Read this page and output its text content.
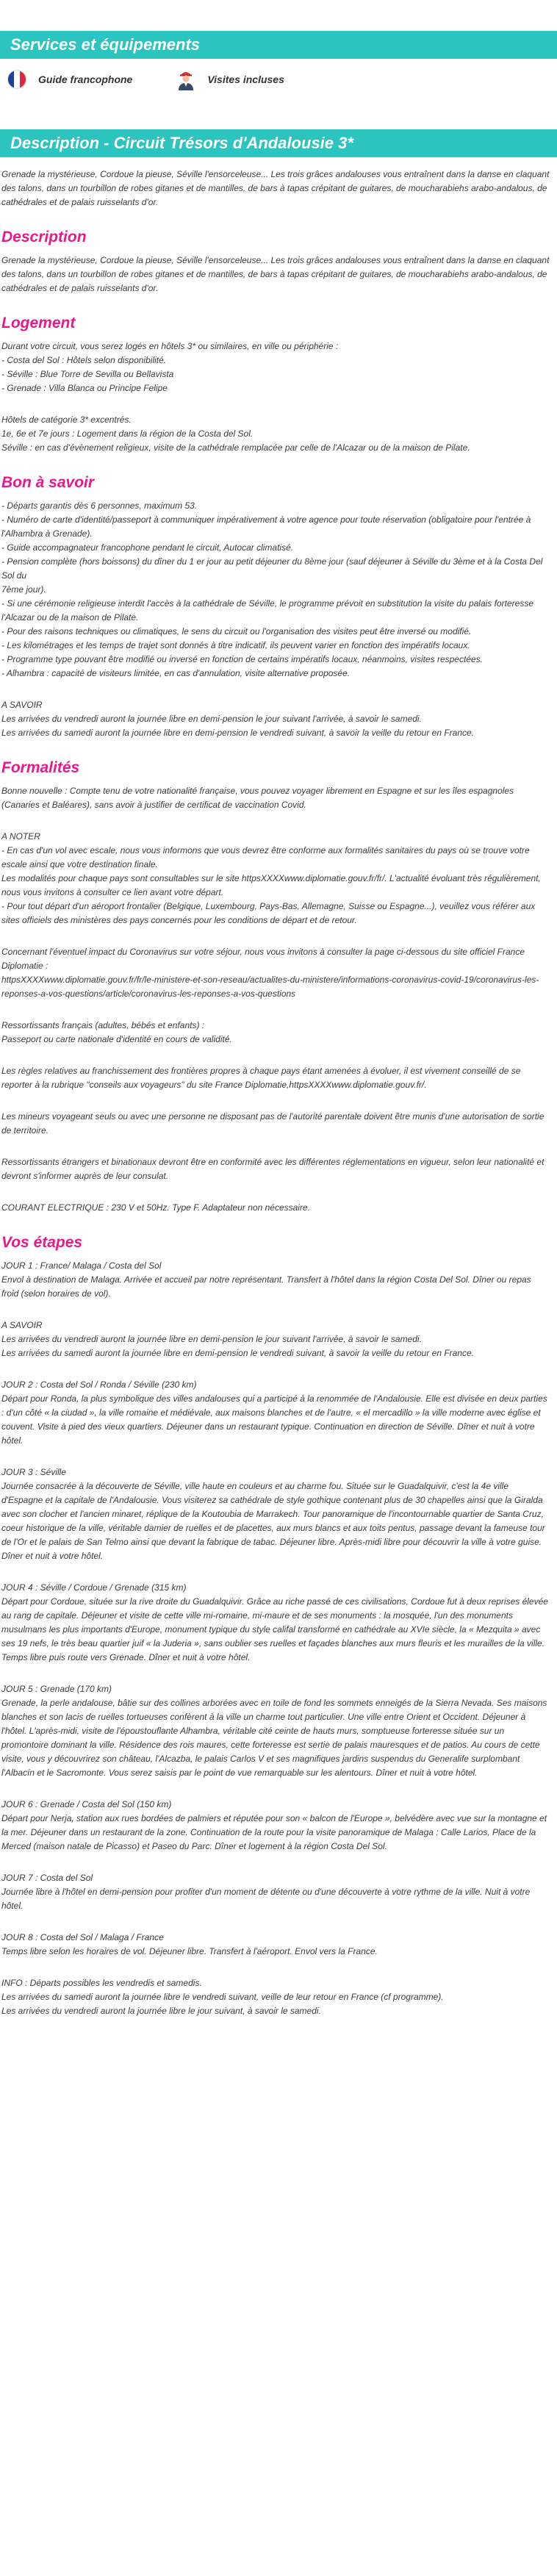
Services et équipements
Guide francophone	Visites incluses
Description - Circuit Trésors d'Andalousie 3*

Grenade la mystérieuse, Cordoue la pieuse, Séville l'ensorceleuse... Les trois grâces andalouses vous entraînent dans la danse en claquant des talons, dans un tourbillon de robes gitanes et de mantilles, de bars à tapas crépitant de guitares, de moucharabiehs arabo-andalous, de cathédrales et de palais ruisselants d'or.

Description

Grenade la mystérieuse, Cordoue la pieuse, Séville l'ensorceleuse... Les trois grâces andalouses vous entraînent dans la danse en claquant des talons, dans un tourbillon de robes gitanes et de mantilles, de bars à tapas crépitant de guitares, de moucharabiehs arabo-andalous, de cathédrales et de palais ruisselants d'or.

Logement

Durant votre circuit, vous serez logés en hôtels 3* ou similaires, en ville ou périphérie :
- Costa del Sol : Hôtels selon disponibilité.
- Séville : Blue Torre de Sevilla ou Bellavista
- Grenade : Villa Blanca ou Principe Felipe

Hôtels de catégorie 3* excentrés.
1e, 6e et 7e jours : Logement dans la région de la Costa del Sol.
Séville : en cas d'évènement religieux, visite de la cathédrale remplacée par celle de l'Alcazar ou de la maison de Pilate.

Bon à savoir

- Départs garantis dès 6 personnes, maximum 53.
- Numéro de carte d'identité/passeport à communiquer impérativement à votre agence pour toute réservation (obligatoire pour l'entrée à l'Alhambra à Grenade).
- Guide accompagnateur francophone pendant le circuit, Autocar climatisé.
- Pension complète (hors boissons) du dîner du 1 er jour au petit déjeuner du 8ème jour (sauf déjeuner à Séville du 3ème et à la Costa Del Sol du
7ème jour).
- Si une cérémonie religieuse interdit l'accès à la cathédrale de Séville, le programme prévoit en substitution la visite du palais forteresse l'Alcazar ou de la maison de Pilate.
- Pour des raisons techniques ou climatiques, le sens du circuit ou l'organisation des visites peut être inversé ou modifié.
- Les kilométrages et les temps de trajet sont donnés à titre indicatif, ils peuvent varier en fonction des impératifs locaux.
- Programme type pouvant être modifié ou inversé en fonction de certains impératifs locaux, néanmoins, visites respectées.
- Alhambra : capacité de visiteurs limitée, en cas d'annulation, visite alternative proposée.

A SAVOIR
Les arrivées du vendredi auront la journée libre en demi-pension le jour suivant l'arrivée, à savoir le samedi.
Les arrivées du samedi auront la journée libre en demi-pension le vendredi suivant, à savoir la veille du retour en France.

Formalités

Bonne nouvelle : Compte tenu de votre nationalité française, vous pouvez voyager librement en Espagne et sur les îles espagnoles (Canaries et Baléares), sans avoir à justifier de certificat de vaccination Covid.

A NOTER
- En cas d'un vol avec escale, nous vous informons que vous devrez être conforme aux formalités sanitaires du pays où se trouve votre escale ainsi que votre destination finale.
Les modalités pour chaque pays sont consultables sur le site httpsXXXXwww.diplomatie.gouv.fr/fr/. L'actualité évoluant très régulièrement, nous vous invitons à consulter ce lien avant votre départ.
- Pour tout départ d'un aéroport frontalier (Belgique, Luxembourg, Pays-Bas, Allemagne, Suisse ou Espagne...), veuillez vous référer aux sites officiels des ministères des pays concernés pour les conditions de départ et de retour.

Concernant l'éventuel impact du Coronavirus sur votre séjour, nous vous invitons à consulter la page ci-dessous du site officiel France Diplomatie :
httpsXXXXwww.diplomatie.gouv.fr/fr/le-ministere-et-son-reseau/actualites-du-ministere/informations-coronavirus-covid-19/coronavirus-les-reponses-a-vos-questions/article/coronavirus-les-reponses-a-vos-questions

Ressortissants français (adultes, bébés et enfants) :
Passeport ou carte nationale d'identité en cours de validité.

Les règles relatives au franchissement des frontières propres à chaque pays étant amenées à évoluer, il est vivement conseillé de se reporter à la rubrique "conseils aux voyageurs" du site France Diplomatie,httpsXXXXwww.diplomatie.gouv.fr/.

Les mineurs voyageant seuls ou avec une personne ne disposant pas de l'autorité parentale doivent être munis d'une autorisation de sortie de territoire.

Ressortissants étrangers et binationaux devront être en conformité avec les différentes réglementations en vigueur, selon leur nationalité et devront s'informer auprès de leur consulat.

COURANT ELECTRIQUE : 230 V et 50Hz. Type F. Adaptateur non nécessaire.

Vos étapes

JOUR 1 : France/ Malaga / Costa del Sol
Envol à destination de Malaga. Arrivée et accueil par notre représentant. Transfert à l'hôtel dans la région Costa Del Sol. Dîner ou repas froid (selon horaires de vol).

A SAVOIR
Les arrivées du vendredi auront la journée libre en demi-pension le jour suivant l'arrivée, à savoir le samedi.
Les arrivées du samedi auront la journée libre en demi-pension le vendredi suivant, à savoir la veille du retour en France.

JOUR 2 : Costa del Sol / Ronda / Séville (230 km)
Départ pour Ronda, la plus symbolique des villes andalouses qui a participé à la renommée de l'Andalousie. Elle est divisée en deux parties : d'un côté « la ciudad », la ville romaine et médiévale, aux maisons blanches et de l'autre, « el mercadillo » la ville moderne avec église et couvent. Visite à pied des vieux quartiers. Déjeuner dans un restaurant typique. Continuation en direction de Séville. Dîner et nuit à votre hôtel.

JOUR 3 : Séville
Journée consacrée à la découverte de Séville, ville haute en couleurs et au charme fou. Située sur le Guadalquivir, c'est la 4e ville d'Espagne et la capitale de l'Andalousie. Vous visiterez sa cathédrale de style gothique contenant plus de 30 chapelles ainsi que la Giralda avec son clocher et l'ancien minaret, réplique de la Koutoubia de Marrakech. Tour panoramique de l'incontournable quartier de Santa Cruz, coeur historique de la ville, véritable damier de ruelles et de placettes, aux murs blancs et aux toits pentus, passage devant la fameuse tour de l'Or et le palais de San Telmo ainsi que devant la fabrique de tabac. Déjeuner libre. Après-midi libre pour découvrir la ville à votre guise. Dîner et nuit à votre hôtel.

JOUR 4 : Séville / Cordoue / Grenade (315 km)
Départ pour Cordoue, située sur la rive droite du Guadalquivir. Grâce au riche passé de ces civilisations, Cordoue fut à deux reprises élevée au rang de capitale. Déjeuner et visite de cette ville mi-romaine, mi-maure et de ses monuments : la mosquée, l'un des monuments musulmans les plus importants d'Europe, monument typique du style califal transformé en cathédrale au XVIe siècle, la « Mezquita » avec ses 19 nefs, le très beau quartier juif « la Juderia », sans oublier ses ruelles et façades blanches aux murs fleuris et les murailles de la ville. Temps libre puis route vers Grenade. Dîner et nuit à votre hôtel.

JOUR 5 : Grenade (170 km)
Grenade, la perle andalouse, bâtie sur des collines arborées avec en toile de fond les sommets enneigés de la Sierra Nevada. Ses maisons blanches et son lacis de ruelles tortueuses confèrent à la ville un charme tout particulier. Une ville entre Orient et Occident. Déjeuner à l'hôtel. L'après-midi, visite de l'époustouflante Alhambra, véritable cité ceinte de hauts murs, somptueuse forteresse située sur un promontoire dominant la ville. Résidence des rois maures, cette forteresse est sertie de palais mauresques et de patios. Au cours de cette visite, vous y découvrirez son château, l'Alcazba, le palais Carlos V et ses magnifiques jardins suspendus du Generalife surplombant l'Albacín et le Sacromonte. Vous serez saisis par le point de vue remarquable sur les alentours. Dîner et nuit à votre hôtel.

JOUR 6 : Grenade / Costa del Sol (150 km)
Départ pour Nerja, station aux rues bordées de palmiers et réputée pour son « balcon de l'Europe », belvédère avec vue sur la montagne et la mer. Déjeuner dans un restaurant de la zone. Continuation de la route pour la visite panoramique de Malaga : Calle Larios, Place de la Merced (maison natale de Picasso) et Paseo du Parc. Dîner et logement à la région Costa Del Sol.

JOUR 7 : Costa del Sol
Journée libre à l'hôtel en demi-pension pour profiter d'un moment de détente ou d'une découverte à votre rythme de la ville. Nuit à votre hôtel.

JOUR 8 : Costa del Sol / Malaga / France
Temps libre selon les horaires de vol. Déjeuner libre. Transfert à l'aéroport. Envol vers la France.

INFO : Départs possibles les vendredis et samedis.
Les arrivées du samedi auront la journée libre le vendredi suivant, veille de leur retour en France (cf programme).
Les arrivées du vendredi auront la journée libre le jour suivant, à savoir le samedi.
